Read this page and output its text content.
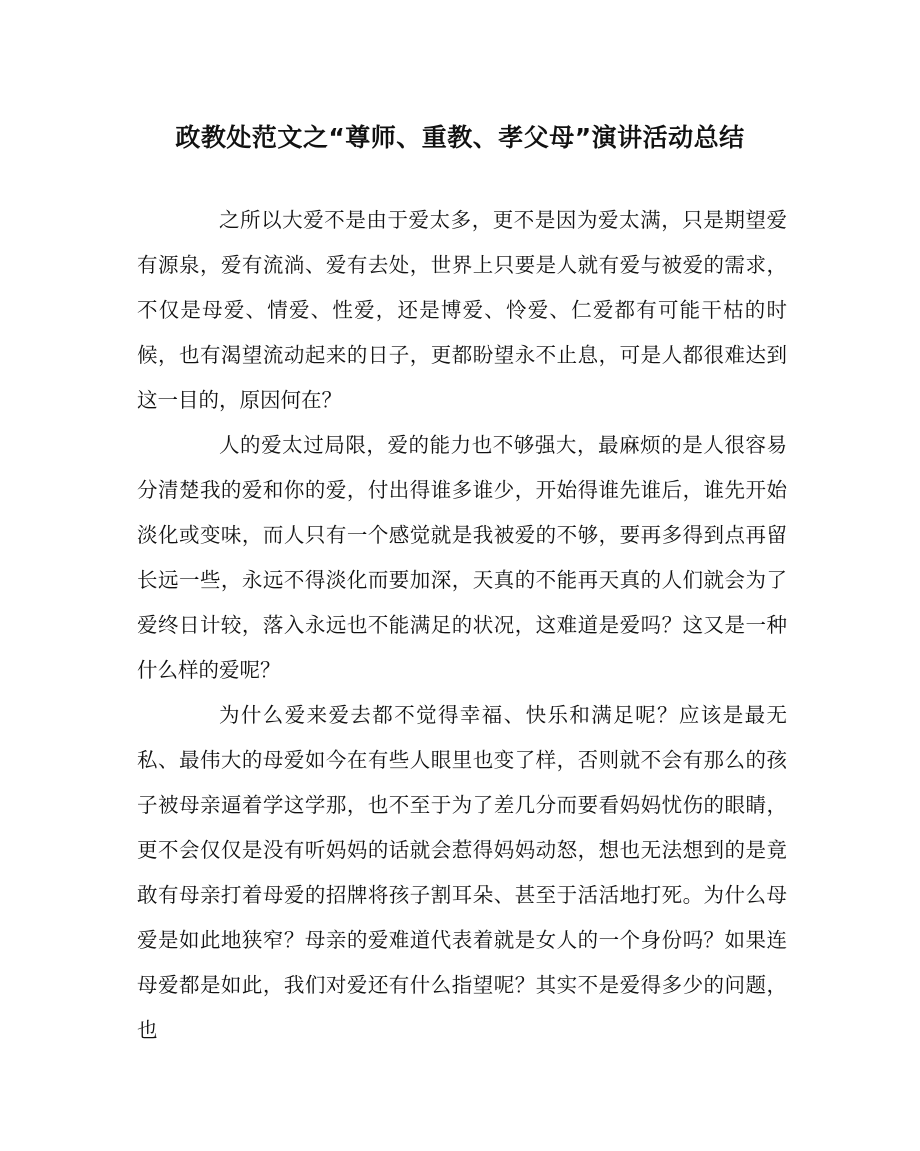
政教处范文之“尊师、重教、孝父母”演讲活动总结

之所以大爱不是由于爱太多，更不是因为爱太满，只是期望爱有源泉，爱有流淌、爱有去处，世界上只要是人就有爱与被爱的需求，不仅是母爱、情爱、性爱，还是博爱、怜爱、仁爱都有可能干枯的时候，也有渴望流动起来的日子，更都盼望永不止息，可是人都很难达到这一目的，原因何在？

人的爱太过局限，爱的能力也不够强大，最麻烦的是人很容易分清楚我的爱和你的爱，付出得谁多谁少，开始得谁先谁后，谁先开始淡化或变味，而人只有一个感觉就是我被爱的不够，要再多得到点再留长远一些，永远不得淡化而要加深，天真的不能再天真的人们就会为了爱终日计较，落入永远也不能满足的状况，这难道是爱吗？这又是一种什么样的爱呢？

为什么爱来爱去都不觉得幸福、快乐和满足呢？应该是最无私、最伟大的母爱如今在有些人眼里也变了样，否则就不会有那么的孩子被母亲逼着学这学那，也不至于为了差几分而要看妈妈忧伤的眼睛，更不会仅仅是没有听妈妈的话就会惹得妈妈动怒，想也无法想到的是竟敢有母亲打着母爱的招牌将孩子割耳朵、甚至于活活地打死。为什么母爱是如此地狭窄？母亲的爱难道代表着就是女人的一个身份吗？如果连母爱都是如此，我们对爱还有什么指望呢？其实不是爱得多少的问题，也
